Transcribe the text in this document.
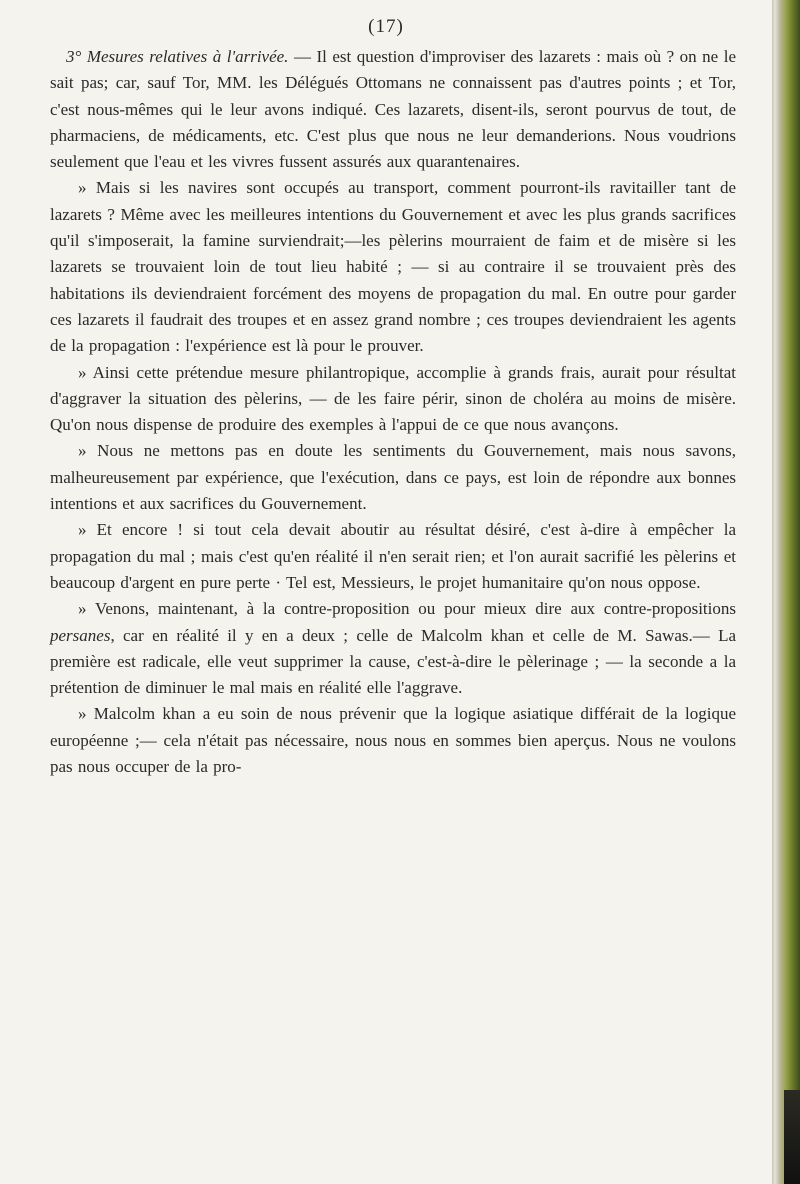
(17)

3° Mesures relatives à l'arrivée. — Il est question d'improviser des lazarets : mais où ? on ne le sait pas; car, sauf Tor, MM. les Délégués Ottomans ne connaissent pas d'autres points ; et Tor, c'est nous-mêmes qui le leur avons indiqué. Ces lazarets, disent-ils, seront pourvus de tout, de pharmaciens, de médicaments, etc. C'est plus que nous ne leur demanderions. Nous voudrions seulement que l'eau et les vivres fussent assurés aux quarantenaires.

» Mais si les navires sont occupés au transport, comment pourront-ils ravitailler tant de lazarets ? Même avec les meilleures intentions du Gouvernement et avec les plus grands sacrifices qu'il s'imposerait, la famine surviendrait;—les pèlerins mourraient de faim et de misère si les lazarets se trouvaient loin de tout lieu habité ; — si au contraire il se trouvaient près des habitations ils deviendraient forcément des moyens de propagation du mal. En outre pour garder ces lazarets il faudrait des troupes et en assez grand nombre ; ces troupes deviendraient les agents de la propagation : l'expérience est là pour le prouver.

» Ainsi cette prétendue mesure philantropique, accomplie à grands frais, aurait pour résultat d'aggraver la situation des pèlerins, — de les faire périr, sinon de choléra au moins de misère. Qu'on nous dispense de produire des exemples à l'appui de ce que nous avançons.

» Nous ne mettons pas en doute les sentiments du Gouvernement, mais nous savons, malheureusement par expérience, que l'exécution, dans ce pays, est loin de répondre aux bonnes intentions et aux sacrifices du Gouvernement.

» Et encore ! si tout cela devait aboutir au résultat désiré, c'est à-dire à empêcher la propagation du mal ; mais c'est qu'en réalité il n'en serait rien; et l'on aurait sacrifié les pèlerins et beaucoup d'argent en pure perte · Tel est, Messieurs, le projet humanitaire qu'on nous oppose.

» Venons, maintenant, à la contre-proposition ou pour mieux dire aux contre-propositions persanes, car en réalité il y en a deux ; celle de Malcolm khan et celle de M. Sawas.— La première est radicale, elle veut supprimer la cause, c'est-à-dire le pèlerinage ; — la seconde a la prétention de diminuer le mal mais en réalité elle l'aggrave.

» Malcolm khan a eu soin de nous prévenir que la logique asiatique différait de la logique européenne ;— cela n'était pas nécessaire, nous nous en sommes bien aperçus. Nous ne voulons pas nous occuper de la pro-
